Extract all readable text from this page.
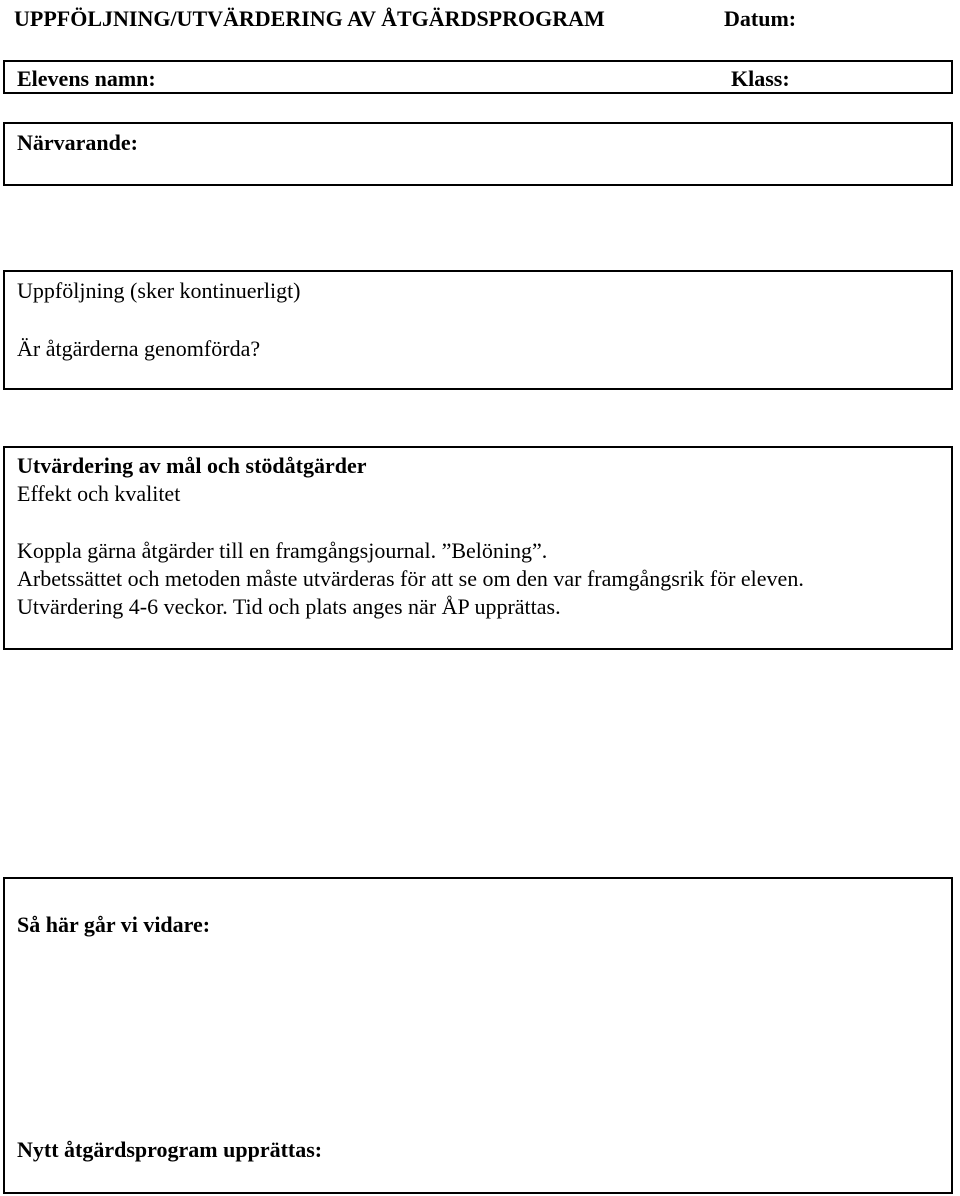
UPPFÖLJNING/UTVÄRDERING AV ÅTGÄRDSPROGRAM	Datum:
Elevens namn:	Klass:
Närvarande:
Uppföljning (sker kontinuerligt)
Är åtgärderna genomförda?
Utvärdering av mål och stödåtgärder
Effekt och kvalitet
Koppla gärna åtgärder till en framgångsjournal. ”Belöning”.
Arbetssättet och metoden måste utvärderas för att se om den var framgångsrik för eleven.
Utvärdering 4-6 veckor. Tid och plats anges när ÅP upprättas.
Så här går vi vidare:
Nytt åtgärdsprogram upprättas:
